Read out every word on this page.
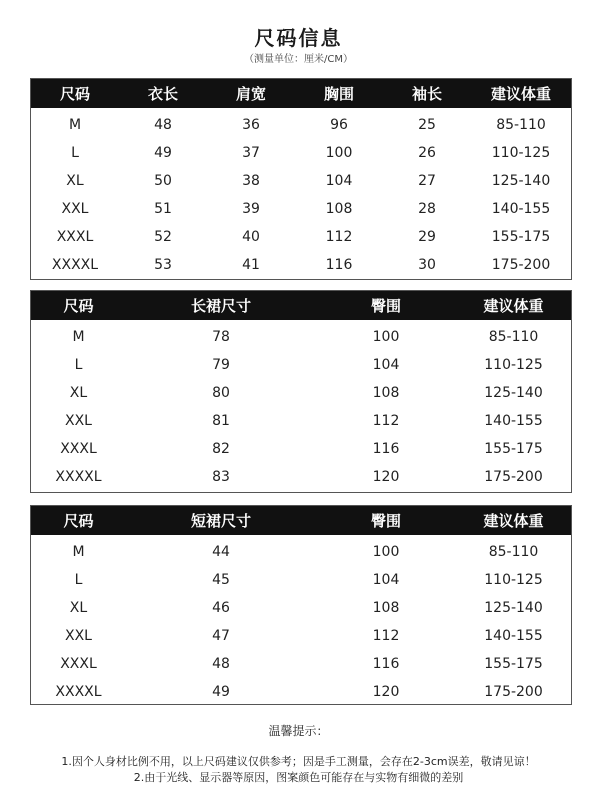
尺码信息
（测量单位：厘米/CM）
尺码	衣长	肩宽	胸围	袖长	建议体重
M	48	36	96	25	85-110
L	49	37	100	26	110-125
XL	50	38	104	27	125-140
XXL	51	39	108	28	140-155
XXXL	52	40	112	29	155-175
XXXXL	53	41	116	30	175-200
尺码	长裙尺寸	臀围	建议体重
M	78	100	85-110
L	79	104	110-125
XL	80	108	125-140
XXL	81	112	140-155
XXXL	82	116	155-175
XXXXL	83	120	175-200
尺码	短裙尺寸	臀围	建议体重
M	44	100	85-110
L	45	104	110-125
XL	46	108	125-140
XXL	47	112	140-155
XXXL	48	116	155-175
XXXXL	49	120	175-200
温馨提示：
1.因个人身材比例不用，以上尺码建议仅供参考；因是手工测量，会存在2-3cm误差，敬请见谅！
2.由于光线、显示器等原因，图案颜色可能存在与实物有细微的差别
